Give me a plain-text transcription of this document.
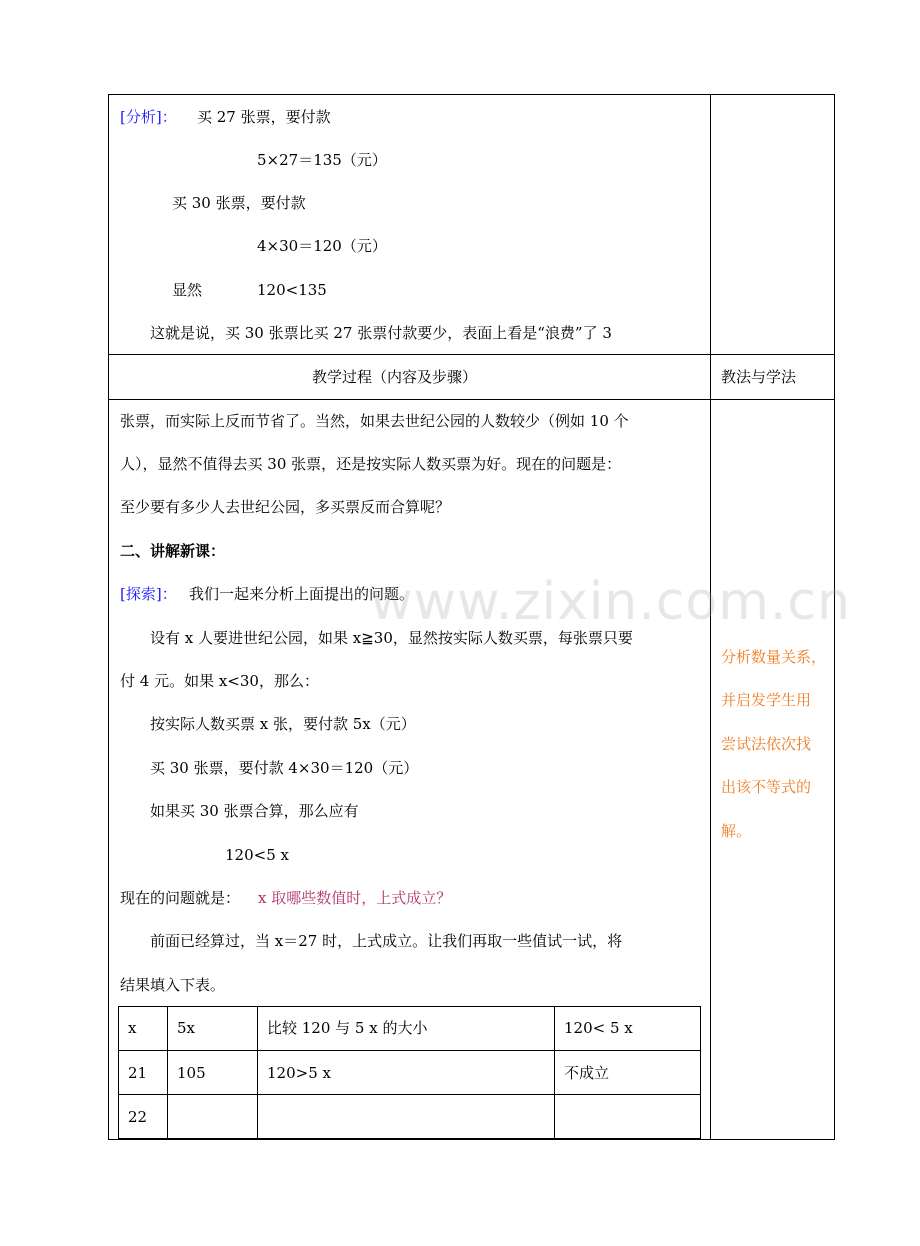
[分析]： 买 27 张票，要付款
5×27＝135（元）
买 30 张票，要付款
4×30＝120（元）
显然	120<135
这就是说，买 30 张票比买 27 张票付款要少，表面上看是“浪费”了 3
教学过程（内容及步骤）	教法与学法
张票，而实际上反而节省了。当然，如果去世纪公园的人数较少（例如 10 个
人），显然不值得去买 30 张票，还是按实际人数买票为好。现在的问题是：
至少要有多少人去世纪公园，多买票反而合算呢？
二、讲解新课：
[探索]： 我们一起来分析上面提出的问题。
设有 x 人要进世纪公园，如果 x≧30，显然按实际人数买票，每张票只要
付 4 元。如果 x<30，那么：
按实际人数买票 x 张，要付款 5x（元）
买 30 张票，要付款 4×30＝120（元）
如果买 30 张票合算，那么应有
120<5 x
现在的问题就是： x 取哪些数值时，上式成立？
前面已经算过，当 x＝27 时，上式成立。让我们再取一些值试一试，将
结果填入下表。
分析数量关系，
并启发学生用
尝试法依次找
出该不等式的
解。
x	5x	比较 120 与 5 x 的大小	120< 5 x
21 105	120>5 x	不成立
22
www.zixin.com.cn
